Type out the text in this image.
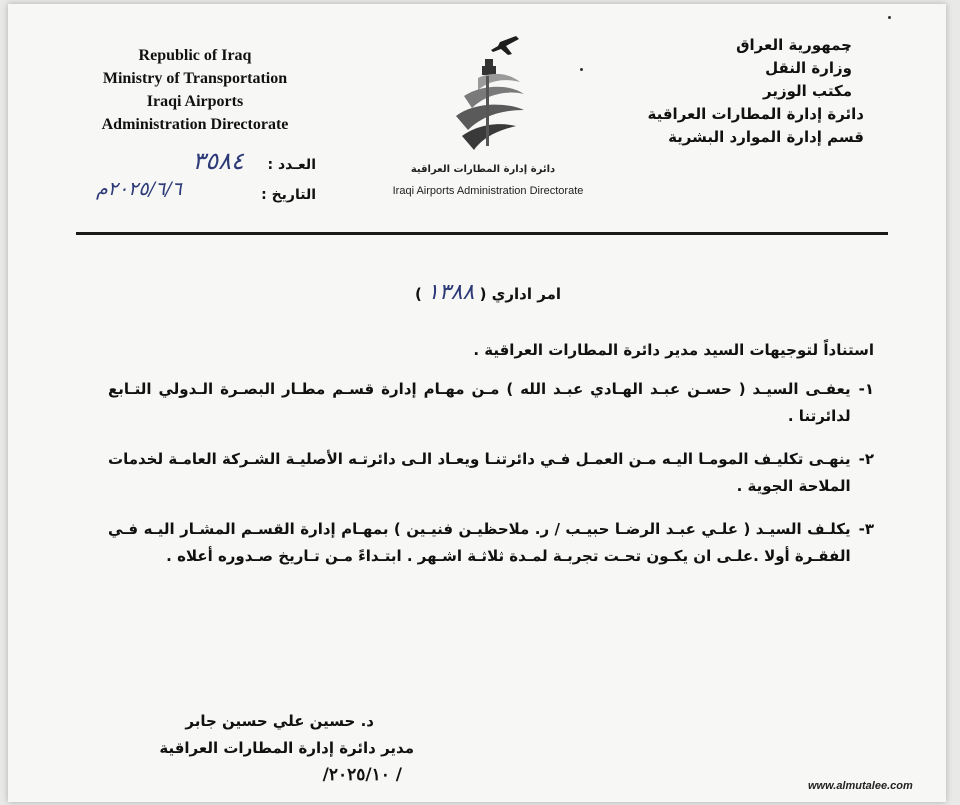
Republic of Iraq
Ministry of Transportation
Iraqi Airports
Administration Directorate
دائرة إدارة المطارات العراقية
Iraqi Airports Administration Directorate
جمهورية العراق
وزارة النقل
مكتب الوزير
دائرة إدارة المطارات العراقية
قسم إدارة الموارد البشرية
العـدد : ٣٥٨٤
التاريخ :
٢٠٢٥/٦/٦م
امر اداري ( ١٣٨٨ )
استناداً لتوجيهات السيد مدير دائرة المطارات العراقية .
١-
يعفـى السيـد ( حسـن عبـد الهـادي عبـد الله ) مـن مهـام إدارة قسـم مطـار البصـرة الـدولي التـابع لدائرتنا .
٢-
ينهـى تكليـف المومـا اليـه مـن العمـل فـي دائرتنـا ويعـاد الـى دائرتـه الأصليـة الشـركة العامـة لخدمات الملاحة الجوية .
٣-
يكلـف السيـد ( علـي عبـد الرضـا حبيـب / ر. ملاحظيـن فنيـين ) بمهـام إدارة القسـم المشـار اليـه فـي الفقـرة أولا .علـى ان يكـون تحـت تجربـة لمـدة ثلاثـة اشـهر . ابتـداءً مـن تـاريخ صـدوره أعلاه .
د. حسين علي حسين جابر
مدير دائرة إدارة المطارات العراقية
/ ٢٠٢٥/١٠/
www.almutalee.com
